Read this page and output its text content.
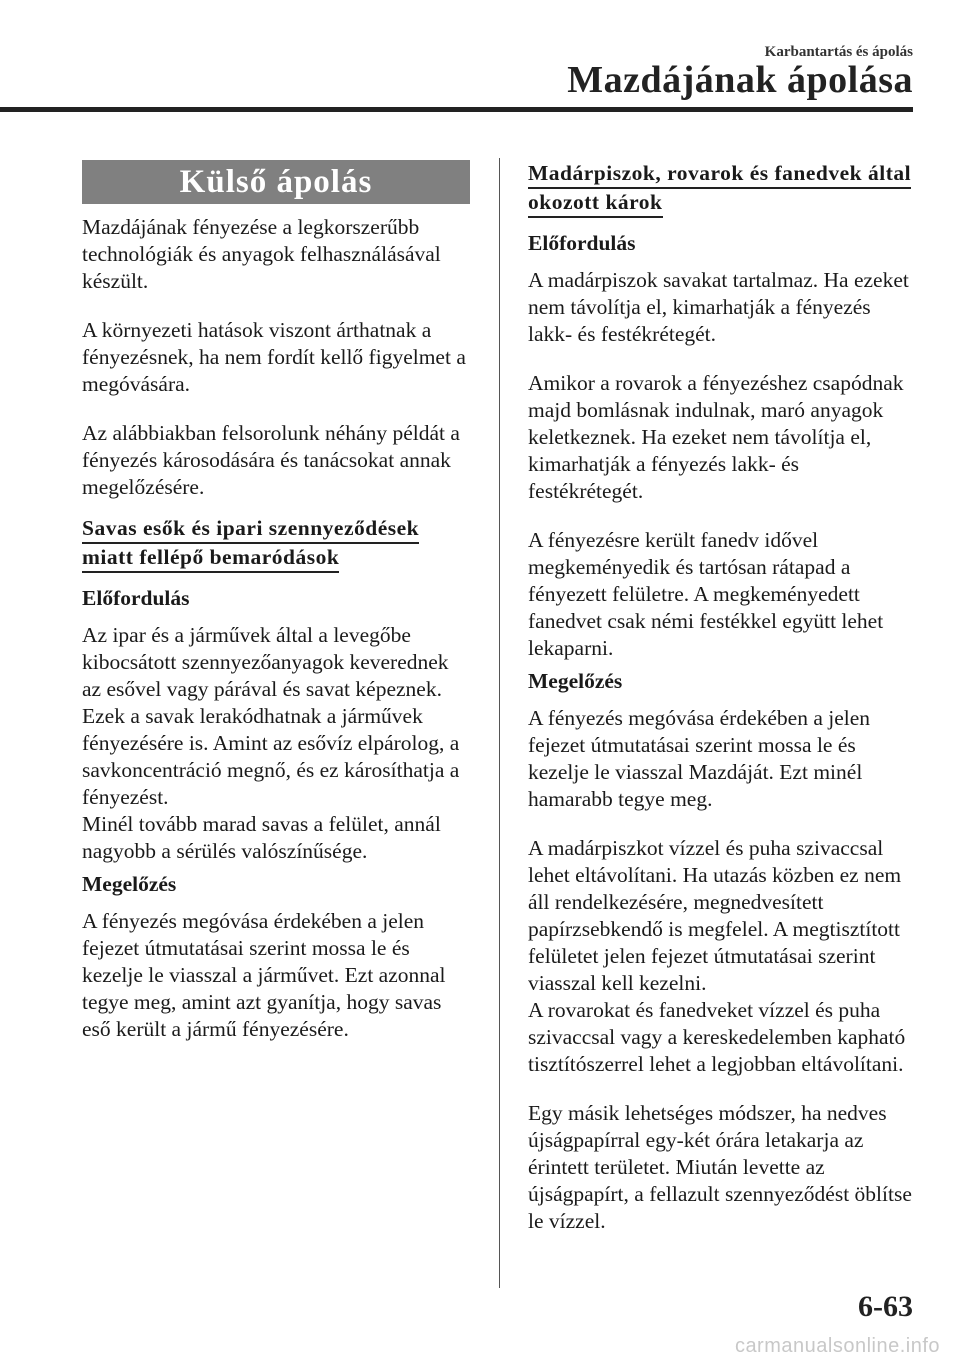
Karbantartás és ápolás
Mazdájának ápolása
Külső ápolás

Mazdájának fényezése a legkorszerűbb technológiák és anyagok felhasználásával készült.

A környezeti hatások viszont árthatnak a fényezésnek, ha nem fordít kellő figyelmet a megóvására.

Az alábbiakban felsorolunk néhány példát a fényezés károsodására és tanácsokat annak megelőzésére.

Savas esők és ipari szennyeződések
miatt fellépő bemaródások
Előfordulás

Az ipar és a járművek által a levegőbe kibocsátott szennyezőanyagok keverednek az esővel vagy párával és savat képeznek. Ezek a savak lerakódhatnak a járművek fényezésére is. Amint az esővíz elpárolog, a savkoncentráció megnő, és ez károsíthatja a fényezést.

Minél tovább marad savas a felület, annál nagyobb a sérülés valószínűsége.

Megelőzés

A fényezés megóvása érdekében a jelen fejezet útmutatásai szerint mossa le és kezelje le viasszal a járművet. Ezt azonnal tegye meg, amint azt gyanítja, hogy savas eső került a jármű fényezésére.

Madárpiszok, rovarok és fanedvek által
okozott károk
Előfordulás

A madárpiszok savakat tartalmaz. Ha ezeket nem távolítja el, kimarhatják a fényezés lakk- és festékrétegét.

Amikor a rovarok a fényezéshez csapódnak majd bomlásnak indulnak, maró anyagok keletkeznek. Ha ezeket nem távolítja el, kimarhatják a fényezés lakk- és festékrétegét.

A fényezésre került fanedv idővel megkeményedik és tartósan rátapad a fényezett felületre. A megkeményedett fanedvet csak némi festékkel együtt lehet lekaparni.

Megelőzés

A fényezés megóvása érdekében a jelen fejezet útmutatásai szerint mossa le és kezelje le viasszal Mazdáját. Ezt minél hamarabb tegye meg.

A madárpiszkot vízzel és puha szivaccsal lehet eltávolítani. Ha utazás közben ez nem áll rendelkezésére, megnedvesített papírzsebkendő is megfelel. A megtisztított felületet jelen fejezet útmutatásai szerint viasszal kell kezelni.

A rovarokat és fanedveket vízzel és puha szivaccsal vagy a kereskedelemben kapható tisztítószerrel lehet a legjobban eltávolítani.

Egy másik lehetséges módszer, ha nedves újságpapírral egy-két órára letakarja az érintett területet. Miután levette az újságpapírt, a fellazult szennyeződést öblítse le vízzel.

6-63
carmanualsonline.info
